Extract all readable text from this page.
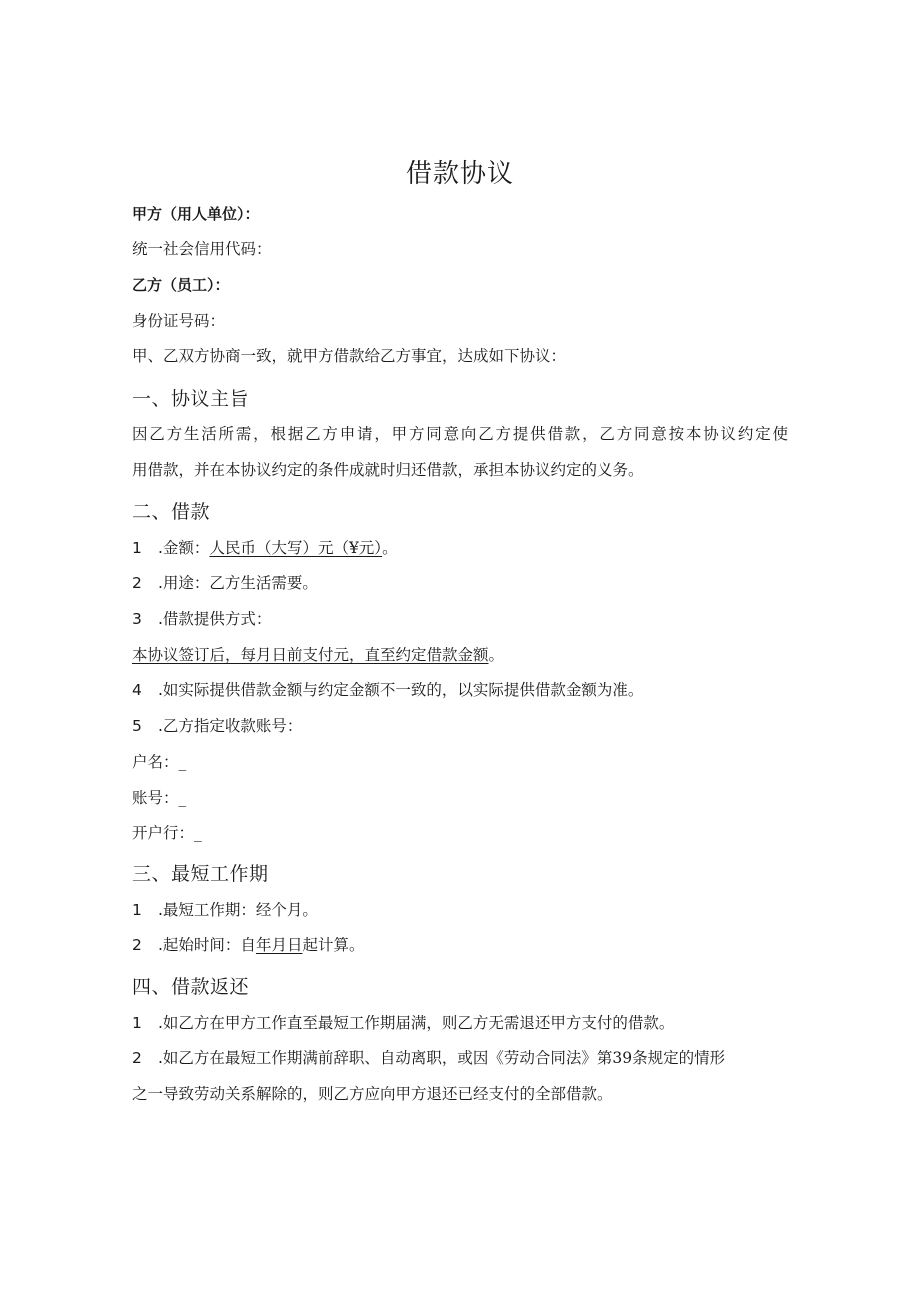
借款协议
甲方（用人单位）：
统一社会信用代码：
乙方（员工）：
身份证号码：
甲、乙双方协商一致，就甲方借款给乙方事宜，达成如下协议：
一、协议主旨
因乙方生活所需，根据乙方申请，甲方同意向乙方提供借款，乙方同意按本协议约定使
用借款，并在本协议约定的条件成就时归还借款，承担本协议约定的义务。
二、借款
1 .金额：人民币（大写）元（¥元）。
2 .用途：乙方生活需要。
3 .借款提供方式：
本协议签订后，每月日前支付元，直至约定借款金额。
4 .如实际提供借款金额与约定金额不一致的，以实际提供借款金额为准。
5 .乙方指定收款账号：
户名：_
账号：_
开户行：_
三、最短工作期
1 .最短工作期：经个月。
2 .起始时间：自年月日起计算。
四、借款返还
1 .如乙方在甲方工作直至最短工作期届满，则乙方无需退还甲方支付的借款。
2 .如乙方在最短工作期满前辞职、自动离职，或因《劳动合同法》第39条规定的情形
之一导致劳动关系解除的，则乙方应向甲方退还已经支付的全部借款。
